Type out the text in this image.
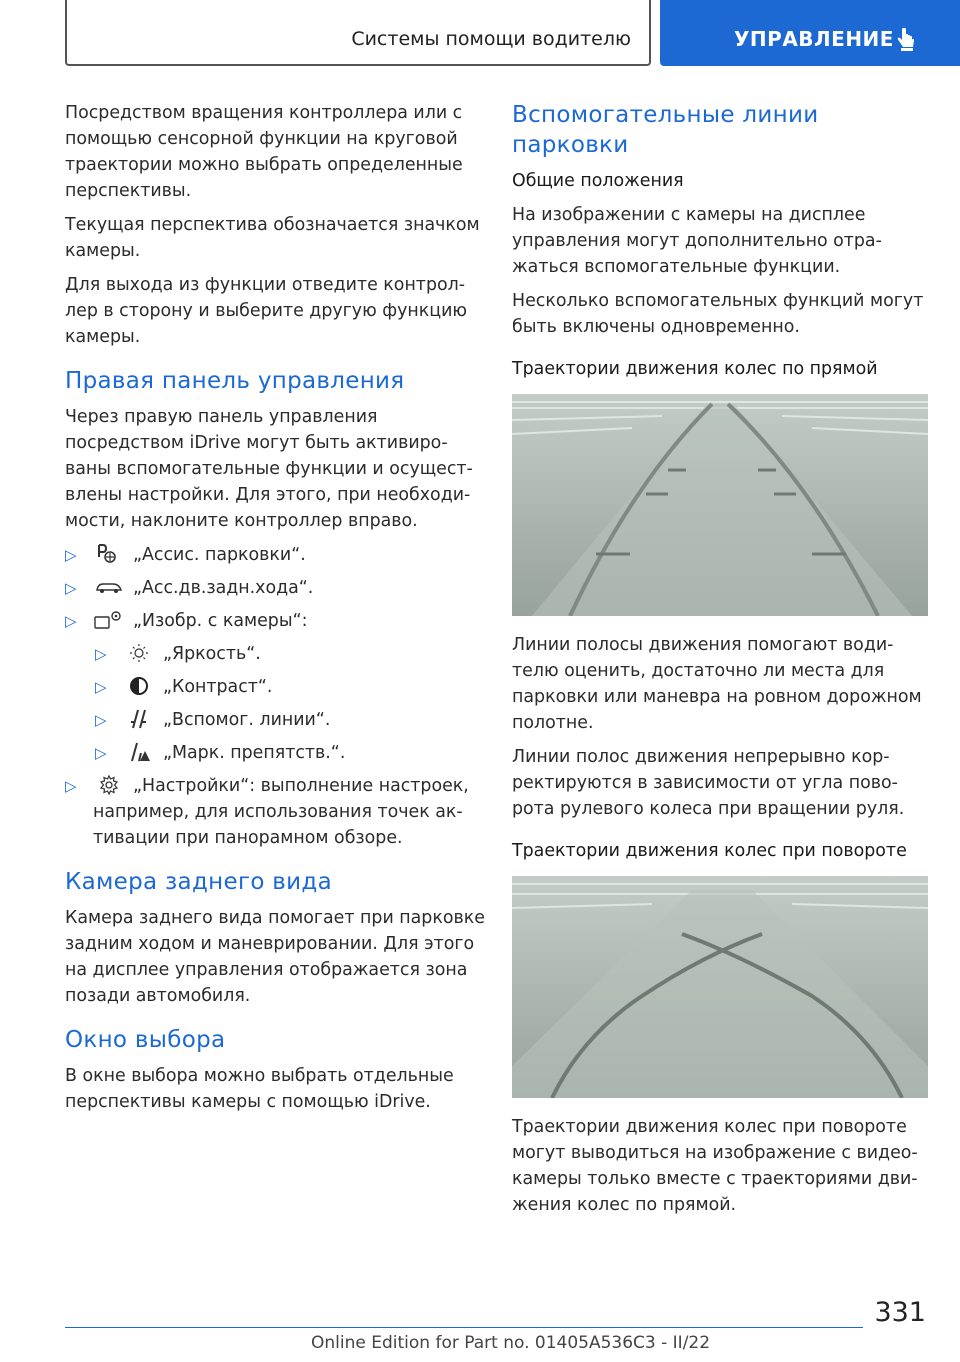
Системы помощи водителю	УПРАВЛЕНИЕ

Посредством вращения контроллера или с помощью сенсорной функции на круговой траектории можно выбрать определенные перспективы.

Текущая перспектива обозначается значком камеры.

Для выхода из функции отведите контроллер в сторону и выберите другую функцию камеры.

Правая панель управления

Через правую панель управления посредством iDrive могут быть активированы вспомогательные функции и осуществлены настройки. Для этого, при необходимости, наклоните контроллер вправо.

▷	„Ассис. парковки“.
▷	„Асс.дв.задн.хода“.
▷	„Изобр. с камеры“:
▷	„Яркость“.
▷	„Контраст“.
▷	„Вспомог. линии“.
▷	„Марк. препятств.“.
▷	„Настройки“: выполнение настроек, например, для использования точек активации при панорамном обзоре.
Камера заднего вида

Камера заднего вида помогает при парковке задним ходом и маневрировании. Для этого на дисплее управления отображается зона позади автомобиля.

Окно выбора

В окне выбора можно выбрать отдельные перспективы камеры с помощью iDrive.

Вспомогательные линии парковки
Общие положения

На изображении с камеры на дисплее управления могут дополнительно отражаться вспомогательные функции.

Несколько вспомогательных функций могут быть включены одновременно.

Траектории движения колес по прямой

Линии полосы движения помогают водителю оценить, достаточно ли места для парковки или маневра на ровном дорожном полотне.

Линии полос движения непрерывно корректируются в зависимости от угла поворота рулевого колеса при вращении руля.

Траектории движения колес при повороте

Траектории движения колес при повороте могут выводиться на изображение с видеокамеры только вместе с траекториями движения колес по прямой.

331
Online Edition for Part no. 01405A536C3 - II/22
